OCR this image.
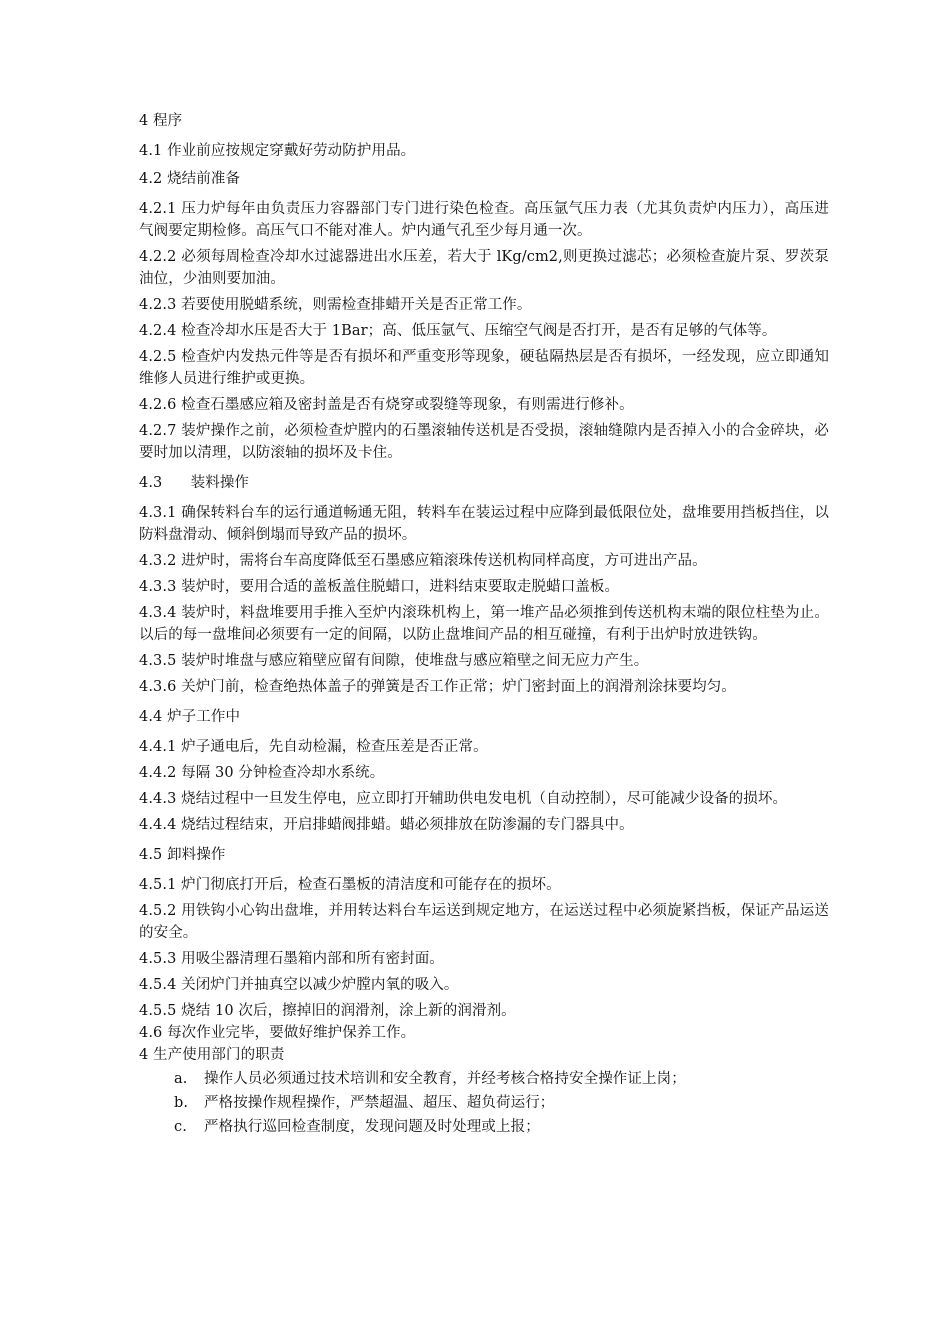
4 程序
4.1 作业前应按规定穿戴好劳动防护用品。
4.2 烧结前准备
4.2.1 压力炉每年由负责压力容器部门专门进行染色检查。高压氩气压力表（尤其负责炉内压力），高压进气阀要定期检修。高压气口不能对准人。炉内通气孔至少每月通一次。
4.2.2 必须每周检查冷却水过滤器进出水压差，若大于 lKg/cm2,则更换过滤芯；必须检查旋片泵、罗茨泵油位，少油则要加油。
4.2.3 若要使用脱蜡系统，则需检查排蜡开关是否正常工作。
4.2.4 检查冷却水压是否大于 1Bar；高、低压氩气、压缩空气阀是否打开，是否有足够的气体等。
4.2.5 检查炉内发热元件等是否有损坏和严重变形等现象，硬毡隔热层是否有损坏，一经发现，应立即通知维修人员进行维护或更换。
4.2.6 检查石墨感应箱及密封盖是否有烧穿或裂缝等现象，有则需进行修补。
4.2.7 装炉操作之前，必须检查炉膛内的石墨滚轴传送机是否受损，滚轴缝隙内是否掉入小的合金碎块，必要时加以清理，以防滚轴的损坏及卡住。
4.3      装料操作
4.3.1 确保转料台车的运行通道畅通无阻，转料车在装运过程中应降到最低限位处，盘堆要用挡板挡住，以防料盘滑动、倾斜倒塌而导致产品的损坏。
4.3.2 进炉时，需将台车高度降低至石墨感应箱滚珠传送机构同样高度，方可进出产品。
4.3.3 装炉时，要用合适的盖板盖住脱蜡口，进料结束要取走脱蜡口盖板。
4.3.4 装炉时，料盘堆要用手推入至炉内滚珠机构上，第一堆产品必须推到传送机构末端的限位柱垫为止。以后的每一盘堆间必须要有一定的间隔，以防止盘堆间产品的相互碰撞，有利于出炉时放进铁钩。
4.3.5 装炉时堆盘与感应箱壁应留有间隙，使堆盘与感应箱壁之间无应力产生。
4.3.6 关炉门前，检查绝热体盖子的弹簧是否工作正常；炉门密封面上的润滑剂涂抹要均匀。
4.4 炉子工作中
4.4.1 炉子通电后，先自动检漏，检查压差是否正常。
4.4.2 每隔 30 分钟检查冷却水系统。
4.4.3 烧结过程中一旦发生停电，应立即打开辅助供电发电机（自动控制），尽可能减少设备的损坏。
4.4.4 烧结过程结束，开启排蜡阀排蜡。蜡必须排放在防渗漏的专门器具中。
4.5 卸料操作
4.5.1 炉门彻底打开后，检查石墨板的清洁度和可能存在的损坏。
4.5.2 用铁钩小心钩出盘堆，并用转达料台车运送到规定地方，在运送过程中必须旋紧挡板，保证产品运送的安全。
4.5.3 用吸尘器清理石墨箱内部和所有密封面。
4.5.4 关闭炉门并抽真空以减少炉膛内氧的吸入。
4.5.5 烧结 10 次后，擦掉旧的润滑剂，涂上新的润滑剂。
4.6 每次作业完毕，要做好维护保养工作。
4 生产使用部门的职责
a. 操作人员必须通过技术培训和安全教育，并经考核合格持安全操作证上岗；
b. 严格按操作规程操作，严禁超温、超压、超负荷运行；
c. 严格执行巡回检查制度，发现问题及时处理或上报；
